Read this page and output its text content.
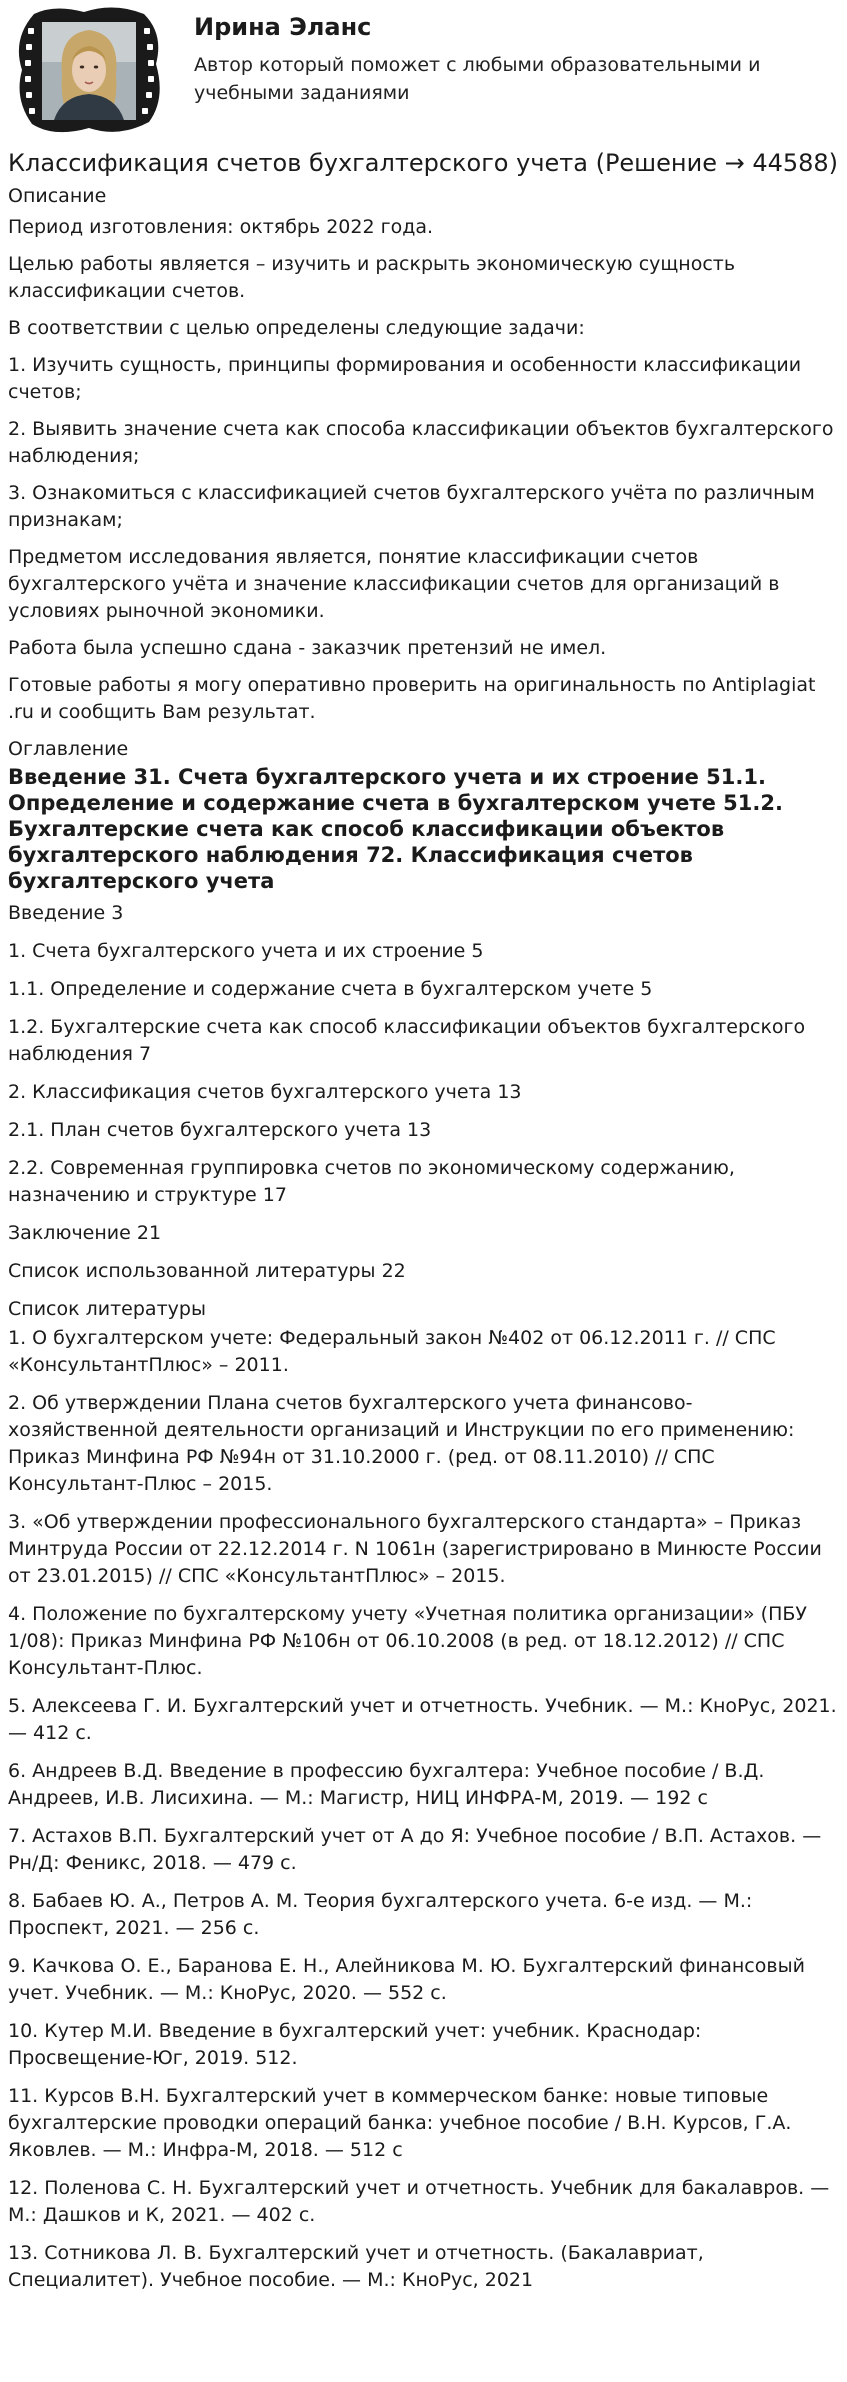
Ирина Эланс

Автор который поможет с любыми образовательными и учебными заданиями

Классификация счетов бухгалтерского учета (Решение → 44588)
Описание

Период изготовления: октябрь 2022 года.

Целью работы является – изучить и раскрыть экономическую сущность классификации счетов.

В соответствии с целью определены следующие задачи:

1. Изучить сущность, принципы формирования и особенности классификации счетов;

2. Выявить значение счета как способа классификации объектов бухгалтерского наблюдения;

3. Ознакомиться с классификацией счетов бухгалтерского учёта по различным признакам;

Предметом исследования является, понятие классификации счетов бухгалтерского учёта и значение классификации счетов для организаций в условиях рыночной экономики.

Работа была успешно сдана - заказчик претензий не имел.

Готовые работы я могу оперативно проверить на оригинальность по Antiplagiat .ru и сообщить Вам результат.

Оглавление
Введение 31. Счета бухгалтерского учета и их строение 51.1. Определение и содержание счета в бухгалтерском учете 51.2. Бухгалтерские счета как способ классификации объектов бухгалтерского наблюдения 72. Классификация счетов бухгалтерского учета

Введение 3

1. Счета бухгалтерского учета и их строение 5

1.1. Определение и содержание счета в бухгалтерском учете 5

1.2. Бухгалтерские счета как способ классификации объектов бухгалтерского наблюдения 7

2. Классификация счетов бухгалтерского учета 13

2.1. План счетов бухгалтерского учета 13

2.2. Современная группировка счетов по экономическому содержанию, назначению и структуре 17

Заключение 21

Список использованной литературы 22

Список литературы

1. О бухгалтерском учете: Федеральный закон №402 от 06.12.2011 г. // СПС «КонсультантПлюс» – 2011.

2. Об утверждении Плана счетов бухгалтерского учета финансово-хозяйственной деятельности организаций и Инструкции по его применению: Приказ Минфина РФ №94н от 31.10.2000 г. (ред. от 08.11.2010) // СПС Консультант-Плюс – 2015.

3. «Об утверждении профессионального бухгалтерского стандарта» – Приказ Минтруда России от 22.12.2014 г. N 1061н (зарегистрировано в Минюсте России от 23.01.2015) // СПС «КонсультантПлюс» – 2015.

4. Положение по бухгалтерскому учету «Учетная политика организации» (ПБУ 1/08): Приказ Минфина РФ №106н от 06.10.2008 (в ред. от 18.12.2012) // СПС Консультант-Плюс.

5. Алексеева Г. И. Бухгалтерский учет и отчетность. Учебник. — М.: КноРус, 2021. — 412 с.

6. Андреев В.Д. Введение в профессию бухгалтера: Учебное пособие / В.Д. Андреев, И.В. Лисихина. — М.: Магистр, НИЦ ИНФРА-М, 2019. — 192 с

7. Астахов В.П. Бухгалтерский учет от А до Я: Учебное пособие / В.П. Астахов. — Рн/Д: Феникс, 2018. — 479 с.

8. Бабаев Ю. А., Петров А. М. Теория бухгалтерского учета. 6-е изд. — М.: Проспект, 2021. — 256 с.

9. Качкова О. Е., Баранова Е. Н., Алейникова М. Ю. Бухгалтерский финансовый учет. Учебник. — М.: КноРус, 2020. — 552 с.

10. Кутер М.И. Введение в бухгалтерский учет: учебник. Краснодар: Просвещение-Юг, 2019. 512.

11. Курсов В.Н. Бухгалтерский учет в коммерческом банке: новые типовые бухгалтерские проводки операций банка: учебное пособие / В.Н. Курсов, Г.А. Яковлев. — М.: Инфра-М, 2018. — 512 с

12. Поленова С. Н. Бухгалтерский учет и отчетность. Учебник для бакалавров. — М.: Дашков и К, 2021. — 402 с.

13. Сотникова Л. В. Бухгалтерский учет и отчетность. (Бакалавриат, Специалитет). Учебное пособие. — М.: КноРус, 2021
